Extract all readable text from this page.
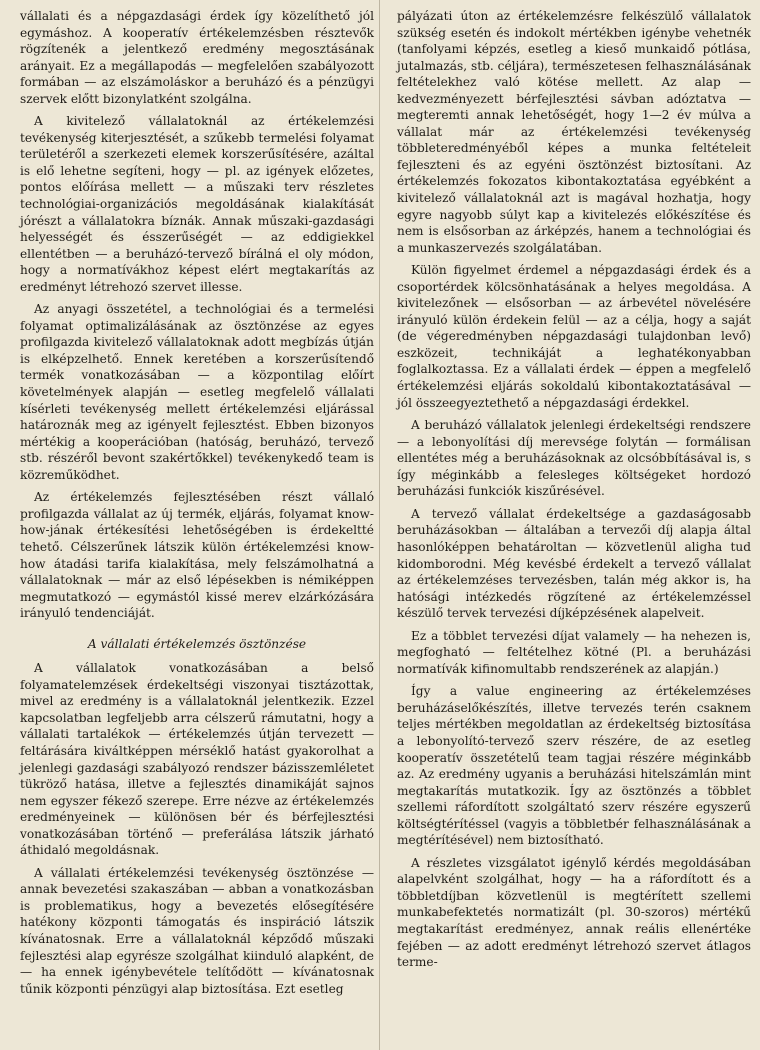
vállalati és a népgazdasági érdek így közelíthető jól egymáshoz. A kooperatív értékelemzésben résztevők rögzítenék a jelentkező eredmény megosztásának arányait. Ez a megállapodás — megfelelően szabályozott formában — az elszámoláskor a beruházó és a pénzügyi szervek előtt bizonylatként szolgálna.

A kivitelező vállalatoknál az értékelemzési tevékenység kiterjesztését, a szűkebb termelési folyamat területéről a szerkezeti elemek korszerűsítésére, azáltal is elő lehetne segíteni, hogy — pl. az igények előzetes, pontos előírása mellett — a műszaki terv részletes technológiai-organizációs megoldásának kialakítását jórészt a vállalatokra bíznák. Annak műszaki-gazdasági helyességét és ésszerűségét — az eddigiekkel ellentétben — a beruházó-tervező bírálná el oly módon, hogy a normatívákhoz képest elért megtakarítás az eredményt létrehozó szervet illesse.

Az anyagi összetétel, a technológiai és a termelési folyamat optimalizálásának az ösztönzése az egyes profilgazda kivitelező vállalatoknak adott megbízás útján is elképzelhető. Ennek keretében a korszerűsítendő termék vonatkozásában — a központilag előírt követelmények alapján — esetleg megfelelő vállalati kísérleti tevékenység mellett értékelemzési eljárással határoznák meg az igényelt fejlesztést. Ebben bizonyos mértékig a kooperációban (hatóság, beruházó, tervező stb. részéről bevont szakértőkkel) tevékenykedő team is közreműködhet.

Az értékelemzés fejlesztésében részt vállaló profilgazda vállalat az új termék, eljárás, folyamat know-how-jának értékesítési lehetőségében is érdekeltté tehető. Célszerűnek látszik külön értékelemzési know-how átadási tarifa kialakítása, mely felszámolhatná a vállalatoknak — már az első lépésekben is némiképpen megmutatkozó — egymástól kissé merev elzárkózására irányuló tendenciáját.

A vállalati értékelemzés ösztönzése

A vállalatok vonatkozásában a belső folyamatelemzések érdekeltségi viszonyai tisztázottak, mivel az eredmény is a vállalatoknál jelentkezik. Ezzel kapcsolatban legfeljebb arra célszerű rámutatni, hogy a vállalati tartalékok — értékelemzés útján tervezett — feltárására kiváltképpen mérséklő hatást gyakorolhat a jelenlegi gazdasági szabályozó rendszer bázisszemléletet tükröző hatása, illetve a fejlesztés dinamikáját sajnos nem egyszer fékező szerepe. Erre nézve az értékelemzés eredményeinek — különösen bér és bérfejlesztési vonatkozásában történő — preferálása látszik járható áthidaló megoldásnak.

A vállalati értékelemzési tevékenység ösztönzése — annak bevezetési szakaszában — abban a vonatkozásban is problematikus, hogy a bevezetés elősegítésére hatékony központi támogatás és inspiráció látszik kívánatosnak. Erre a vállalatoknál képződő műszaki fejlesztési alap egyrésze szolgálhat kiinduló alapként, de — ha ennek igénybevétele telítődött — kívánatosnak tűnik központi pénzügyi alap biztosítása. Ezt esetleg

pályázati úton az értékelemzésre felkészülő vállalatok szükség esetén és indokolt mértékben igénybe vehetnék (tanfolyami képzés, esetleg a kieső munkaidő pótlása, jutalmazás, stb. céljára), természetesen felhasználásának feltételekhez való kötése mellett. Az alap — kedvezményezett bérfejlesztési sávban adóztatva — megteremti annak lehetőségét, hogy 1—2 év múlva a vállalat már az értékelemzési tevékenység többleteredményéből képes a munka feltételeit fejleszteni és az egyéni ösztönzést biztosítani. Az értékelemzés fokozatos kibontakoztatása egyébként a kivitelező vállalatoknál azt is magával hozhatja, hogy egyre nagyobb súlyt kap a kivitelezés előkészítése és nem is elsősorban az árképzés, hanem a technológiai és a munkaszervezés szolgálatában.

Külön figyelmet érdemel a népgazdasági érdek és a csoportérdek kölcsönhatásának a helyes megoldása. A kivitelezőnek — elsősorban — az árbevétel növelésére irányuló külön érdekein felül — az a célja, hogy a saját (de végeredményben népgazdasági tulajdonban levő) eszközeit, technikáját a leghatékonyabban foglalkoztassa. Ez a vállalati érdek — éppen a megfelelő értékelemzési eljárás sokoldalú kibontakoztatásával — jól összeegyeztethető a népgazdasági érdekkel.

A beruházó vállalatok jelenlegi érdekeltségi rendszere — a lebonyolítási díj merevsége folytán — formálisan ellentétes még a beruházásoknak az olcsóbbításával is, s így méginkább a felesleges költségeket hordozó beruházási funkciók kiszűrésével.

A tervező vállalat érdekeltsége a gazdaságosabb beruházásokban — általában a tervezői díj alapja által hasonlóképpen behatároltan — közvetlenül aligha tud kidomborodni. Még kevésbé érdekelt a tervező vállalat az értékelemzéses tervezésben, talán még akkor is, ha hatósági intézkedés rögzítené az értékelemzéssel készülő tervek tervezési díjképzésének alapelveit.

Ez a többlet tervezési díjat valamely — ha nehezen is, megfogható — feltételhez kötné (Pl. a beruházási normatívák kifinomultabb rendszerének az alapján.)

Így a value engineering az értékelemzéses beruházáselőkészítés, illetve tervezés terén csaknem teljes mértékben megoldatlan az érdekeltség biztosítása a lebonyolító-tervező szerv részére, de az esetleg kooperatív összetételű team tagjai részére méginkább az. Az eredmény ugyanis a beruházási hitelszámlán mint megtakarítás mutatkozik. Így az ösztönzés a többlet szellemi ráfordított szolgáltató szerv részére egyszerű költségtérítéssel (vagyis a többletbér felhasználásának a megtérítésével) nem biztosítható.

A részletes vizsgálatot igénylő kérdés megoldásában alapelvként szolgálhat, hogy — ha a ráfordított és a többletdíjban közvetlenül is megtérített szellemi munkabefektetés normatizált (pl. 30-szoros) mértékű megtakarítást eredményez, annak reális ellenértéke fejében — az adott eredményt létrehozó szervet átlagos terme-
